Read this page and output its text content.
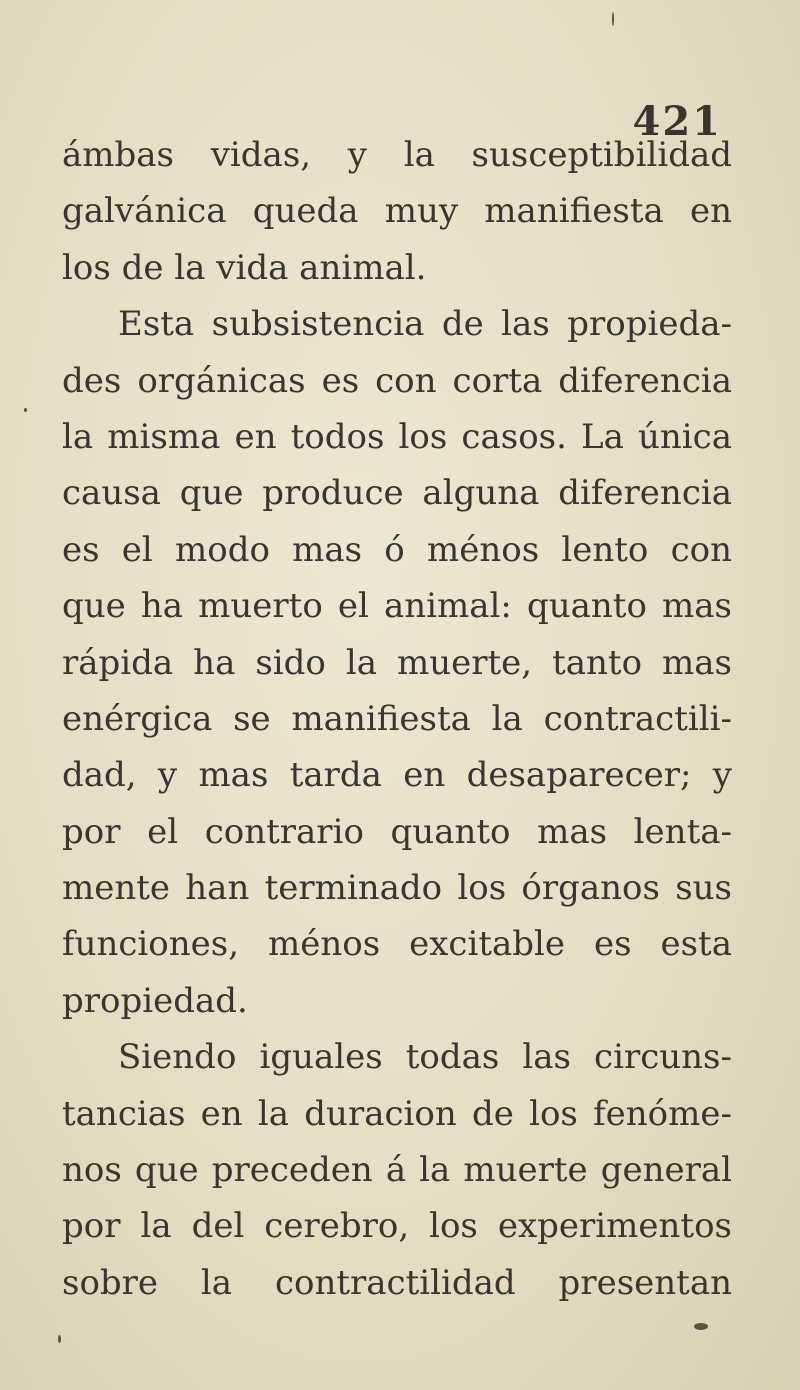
421
ámbas vidas, y la susceptibilidad
galvánica queda muy manifiesta en
los de la vida animal.
Esta subsistencia de las propieda-
des orgánicas es con corta diferencia
la misma en todos los casos. La única
causa que produce alguna diferencia
es el modo mas ó ménos lento con
que ha muerto el animal: quanto mas
rápida ha sido la muerte, tanto mas
enérgica se manifiesta la contractili-
dad, y mas tarda en desaparecer; y
por el contrario quanto mas lenta-
mente han terminado los órganos sus
funciones, ménos excitable es esta
propiedad.
Siendo iguales todas las circuns-
tancias en la duracion de los fenóme-
nos que preceden á la muerte general
por la del cerebro, los experimentos
sobre la contractilidad presentan
